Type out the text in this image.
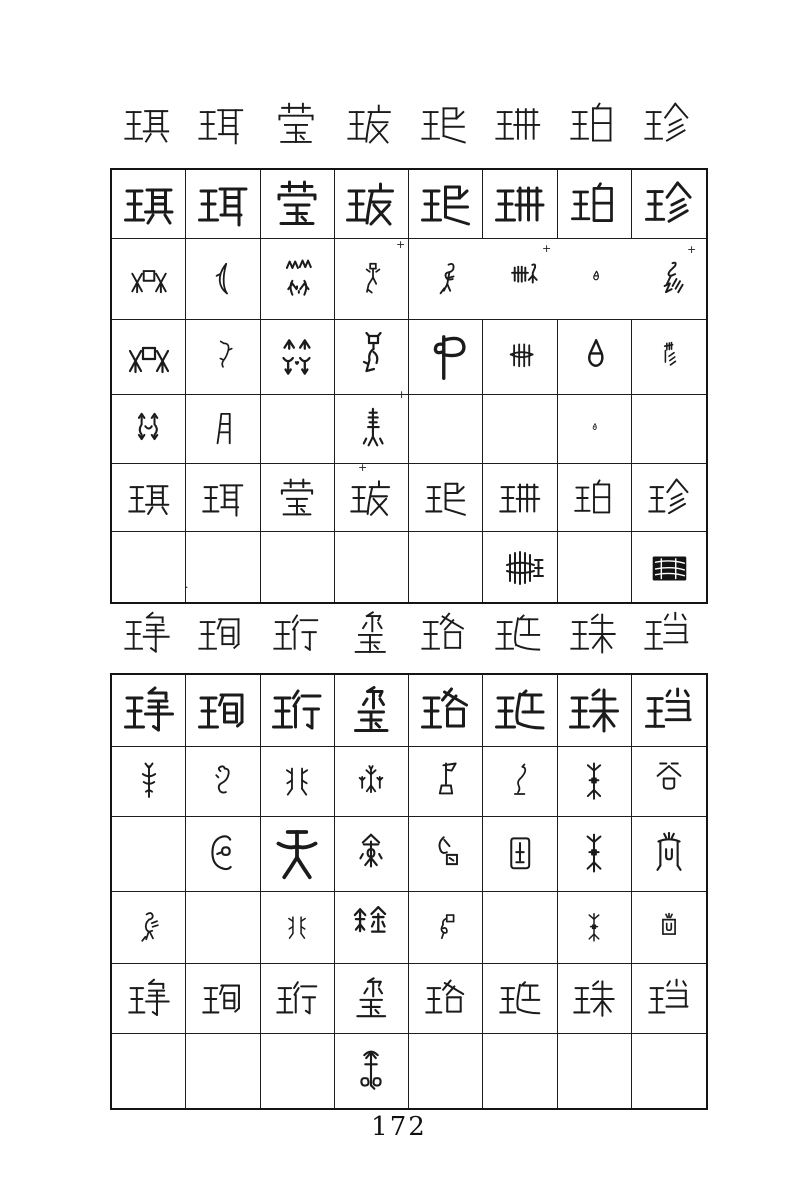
+	+	+
+
+
.
172
